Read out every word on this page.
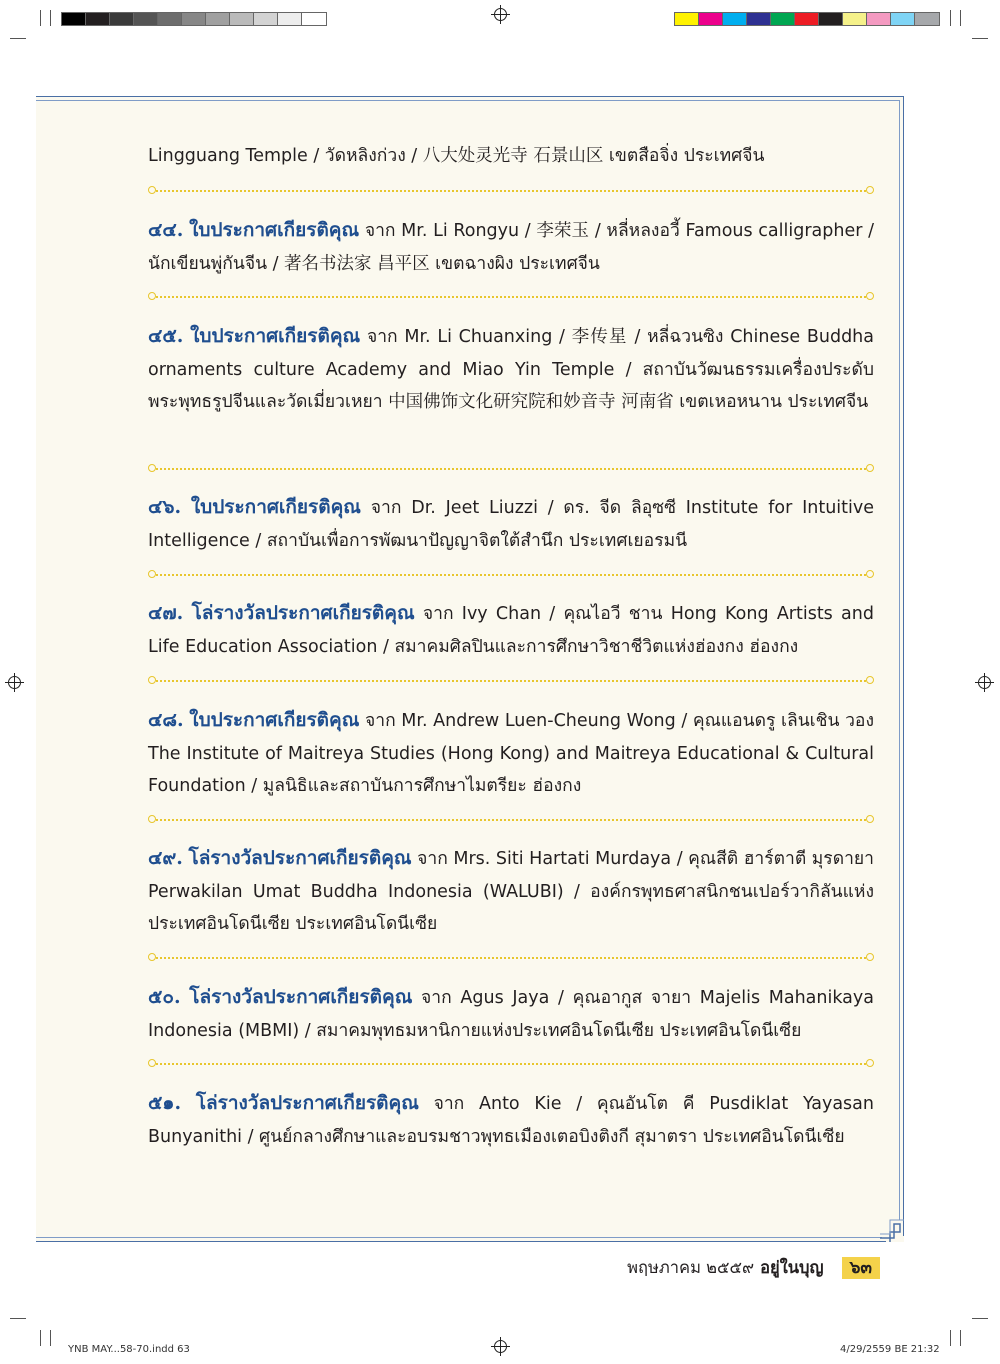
Lingguang Temple / วัดหลิงก่วง / 八大处灵光寺 石景山区 เขตสือจิ่ง ประเทศจีน
๔๔. ใบประกาศเกียรติคุณ จาก Mr. Li Rongyu / 李荣玉 / หลี่หลงอวี้ Famous calligrapher / นักเขียนพู่กันจีน / 著名书法家 昌平区 เขตฉางผิง ประเทศจีน
๔๕. ใบประกาศเกียรติคุณ จาก Mr. Li Chuanxing / 李传星 / หลี่ฉวนซิง Chinese Buddha ornaments culture Academy and Miao Yin Temple / สถาบันวัฒนธรรมเครื่องประดับพระพุทธรูปจีนและวัดเมี่ยวเหยา 中国佛饰文化研究院和妙音寺 河南省 เขตเหอหนาน ประเทศจีน
๔๖. ใบประกาศเกียรติคุณ จาก Dr. Jeet Liuzzi / ดร. จีด ลิอุซซี Institute for Intuitive Intelligence / สถาบันเพื่อการพัฒนาปัญญาจิตใต้สำนึก ประเทศเยอรมนี
๔๗. โล่รางวัลประกาศเกียรติคุณ จาก Ivy Chan / คุณไอวี ชาน Hong Kong Artists and Life Education Association / สมาคมศิลปินและการศึกษาวิชาชีวิตแห่งฮ่องกง ฮ่องกง
๔๘. ใบประกาศเกียรติคุณ จาก Mr. Andrew Luen-Cheung Wong / คุณแอนดรู เลินเชิน วอง The Institute of Maitreya Studies (Hong Kong) and Maitreya Educational & Cultural Foundation / มูลนิธิและสถาบันการศึกษาไมตรียะ ฮ่องกง
๔๙. โล่รางวัลประกาศเกียรติคุณ จาก Mrs. Siti Hartati Murdaya / คุณสีติ ฮาร์ตาตี มุรดายา Perwakilan Umat Buddha Indonesia (WALUBI) / องค์กรพุทธศาสนิกชนเปอร์วากิลันแห่งประเทศอินโดนีเซีย ประเทศอินโดนีเซีย
๕๐. โล่รางวัลประกาศเกียรติคุณ จาก Agus Jaya / คุณอากูส จายา Majelis Mahanikaya Indonesia (MBMI) / สมาคมพุทธมหานิกายแห่งประเทศอินโดนีเซีย ประเทศอินโดนีเซีย
๕๑. โล่รางวัลประกาศเกียรติคุณ จาก Anto Kie / คุณอันโต คี Pusdiklat Yayasan Bunyanithi / ศูนย์กลางศึกษาและอบรมชาวพุทธเมืองเตอบิงติงกี สุมาตรา ประเทศอินโดนีเซีย
พฤษภาคม ๒๕๕๙ อยู่ในบุญ	๖๓
YNB MAY...58-70.indd 63	4/29/2559 BE 21:32
